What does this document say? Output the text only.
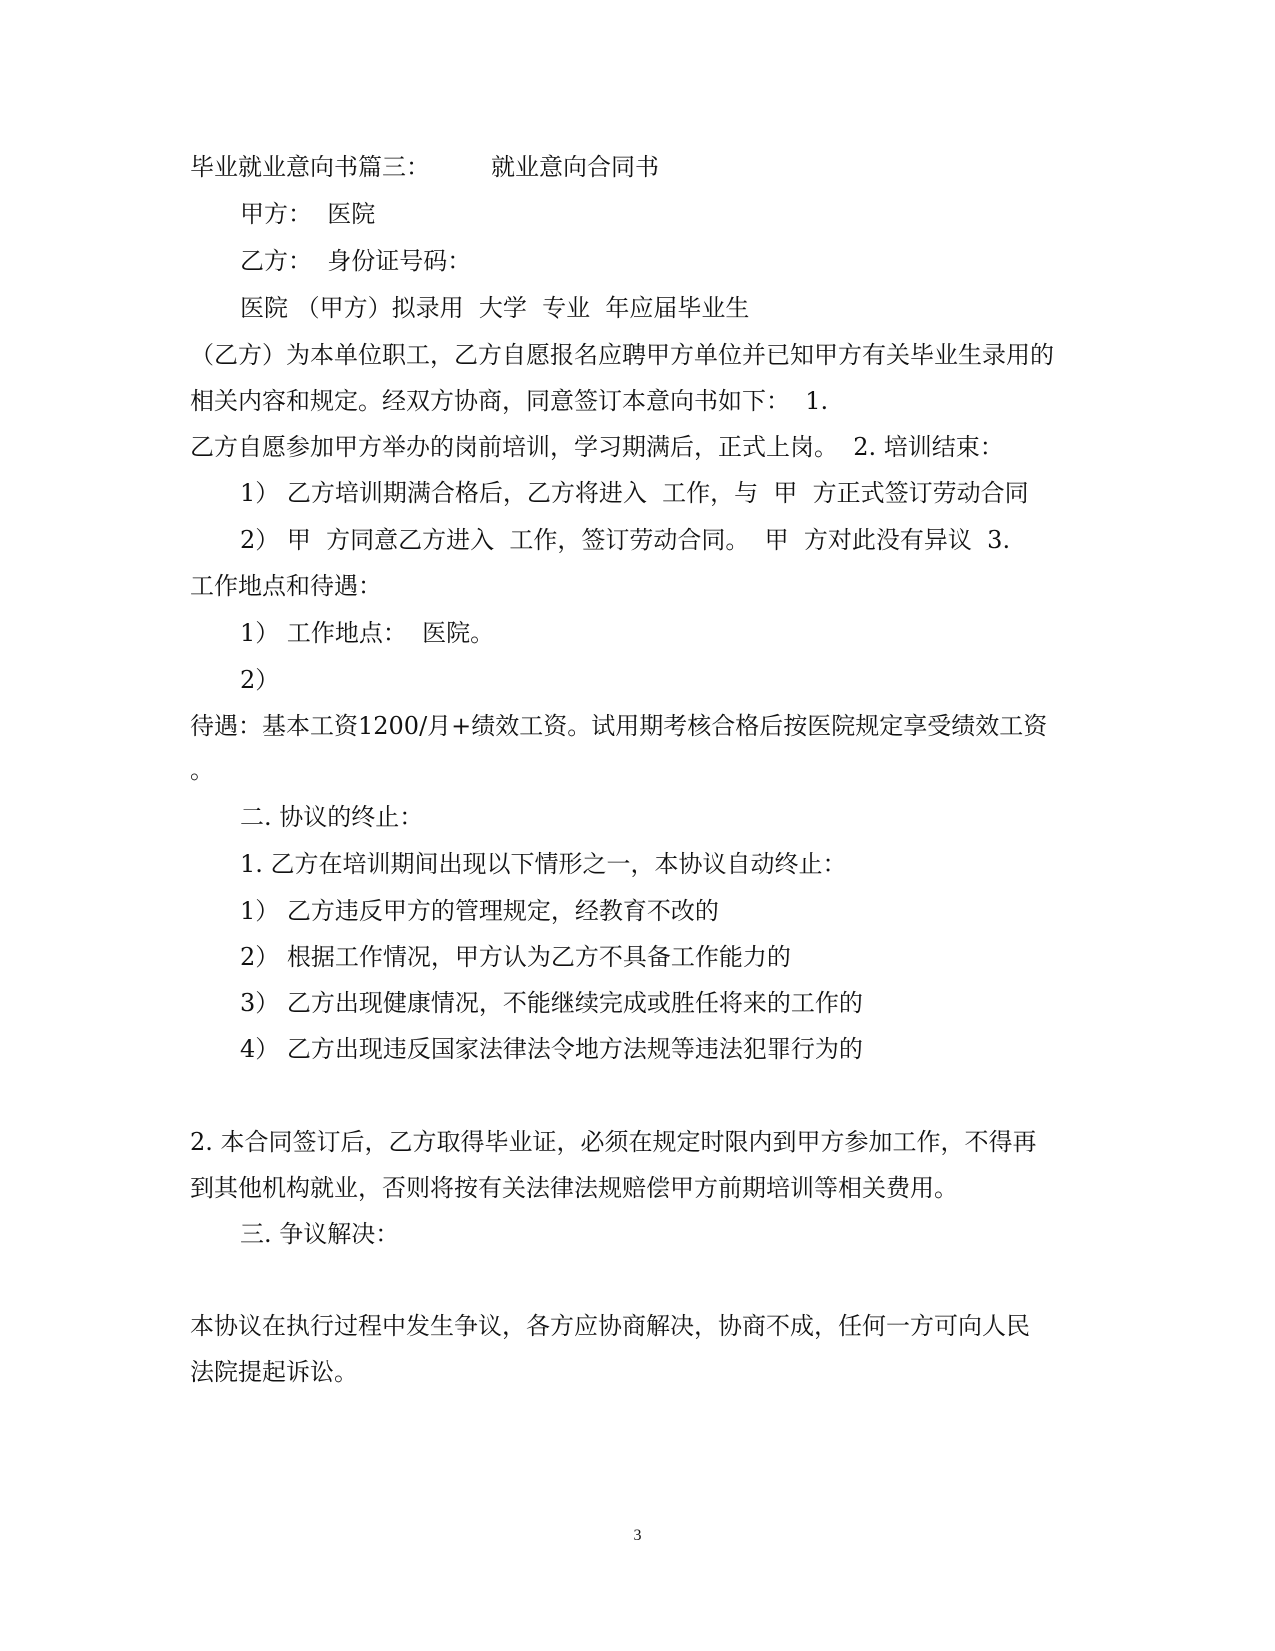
毕业就业意向书篇三：        就业意向合同书
甲方：  医院
乙方：  身份证号码：
医院 （甲方）拟录用  大学  专业  年应届毕业生
（乙方）为本单位职工，乙方自愿报名应聘甲方单位并已知甲方有关毕业生录用的
相关内容和规定。经双方协商，同意签订本意向书如下：  1.
乙方自愿参加甲方举办的岗前培训，学习期满后，正式上岗。  2. 培训结束：
1） 乙方培训期满合格后，乙方将进入  工作，与  甲  方正式签订劳动合同
2） 甲  方同意乙方进入  工作，签订劳动合同。  甲  方对此没有异议  3.
工作地点和待遇：
1） 工作地点：  医院。
2）
待遇：基本工资1200/月+绩效工资。试用期考核合格后按医院规定享受绩效工资
。
二. 协议的终止：
1. 乙方在培训期间出现以下情形之一，本协议自动终止：
1） 乙方违反甲方的管理规定，经教育不改的
2） 根据工作情况，甲方认为乙方不具备工作能力的
3） 乙方出现健康情况，不能继续完成或胜任将来的工作的
4） 乙方出现违反国家法律法令地方法规等违法犯罪行为的
2. 本合同签订后，乙方取得毕业证，必须在规定时限内到甲方参加工作，不得再
到其他机构就业，否则将按有关法律法规赔偿甲方前期培训等相关费用。
三. 争议解决：
本协议在执行过程中发生争议，各方应协商解决，协商不成，任何一方可向人民
法院提起诉讼。
3
